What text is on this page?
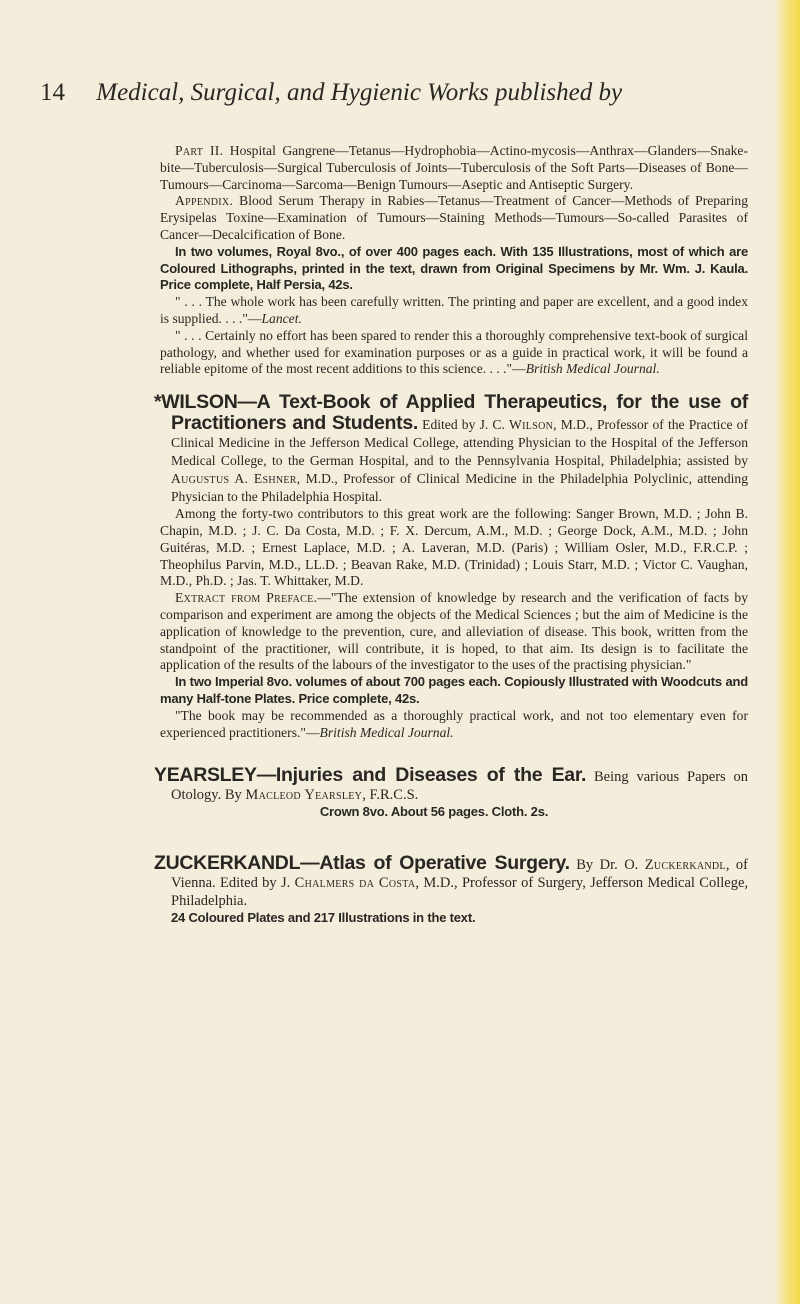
14 Medical, Surgical, and Hygienic Works published by

Part II. Hospital Gangrene—Tetanus—Hydrophobia—Actino-mycosis—Anthrax—Glanders—Snake-bite—Tuberculosis—Surgical Tuberculosis of Joints—Tuberculosis of the Soft Parts—Diseases of Bone—Tumours—Carcinoma—Sarcoma—Benign Tumours—Aseptic and Antiseptic Surgery.

Appendix. Blood Serum Therapy in Rabies—Tetanus—Treatment of Cancer—Methods of Preparing Erysipelas Toxine—Examination of Tumours—Staining Methods—Tumours—So-called Parasites of Cancer—Decalcification of Bone.

In two volumes, Royal 8vo., of over 400 pages each. With 135 Illustrations, most of which are Coloured Lithographs, printed in the text, drawn from Original Specimens by Mr. Wm. J. Kaula. Price complete, Half Persia, 42s.

" . . . The whole work has been carefully written. The printing and paper are excellent, and a good index is supplied. . . ."—Lancet.

" . . . Certainly no effort has been spared to render this a thoroughly comprehensive text-book of surgical pathology, and whether used for examination purposes or as a guide in practical work, it will be found a reliable epitome of the most recent additions to this science. . . ."—British Medical Journal.

*WILSON—A Text-Book of Applied Therapeutics, for the use of Practitioners and Students. Edited by J. C. Wilson, M.D., Professor of the Practice of Clinical Medicine in the Jefferson Medical College, attending Physician to the Hospital of the Jefferson Medical College, to the German Hospital, and to the Pennsylvania Hospital, Philadelphia; assisted by Augustus A. Eshner, M.D., Professor of Clinical Medicine in the Philadelphia Polyclinic, attending Physician to the Philadelphia Hospital.

Among the forty-two contributors to this great work are the following: Sanger Brown, M.D. ; John B. Chapin, M.D. ; J. C. Da Costa, M.D. ; F. X. Dercum, A.M., M.D. ; George Dock, A.M., M.D. ; John Guitéras, M.D. ; Ernest Laplace, M.D. ; A. Laveran, M.D. (Paris) ; William Osler, M.D., F.R.C.P. ; Theophilus Parvin, M.D., LL.D. ; Beavan Rake, M.D. (Trinidad) ; Louis Starr, M.D. ; Victor C. Vaughan, M.D., Ph.D. ; Jas. T. Whittaker, M.D.

Extract from Preface.—"The extension of knowledge by research and the verification of facts by comparison and experiment are among the objects of the Medical Sciences ; but the aim of Medicine is the application of knowledge to the prevention, cure, and alleviation of disease. This book, written from the standpoint of the practitioner, will contribute, it is hoped, to that aim. Its design is to facilitate the application of the results of the labours of the investigator to the uses of the practising physician."

In two Imperial 8vo. volumes of about 700 pages each. Copiously Illustrated with Woodcuts and many Half-tone Plates. Price complete, 42s.

"The book may be recommended as a thoroughly practical work, and not too elementary even for experienced practitioners."—British Medical Journal.

YEARSLEY—Injuries and Diseases of the Ear. Being various Papers on Otology. By Macleod Yearsley, F.R.C.S.

Crown 8vo. About 56 pages. Cloth. 2s.

ZUCKERKANDL—Atlas of Operative Surgery. By Dr. O. Zuckerkandl, of Vienna. Edited by J. Chalmers da Costa, M.D., Professor of Surgery, Jefferson Medical College, Philadelphia.

24 Coloured Plates and 217 Illustrations in the text.
